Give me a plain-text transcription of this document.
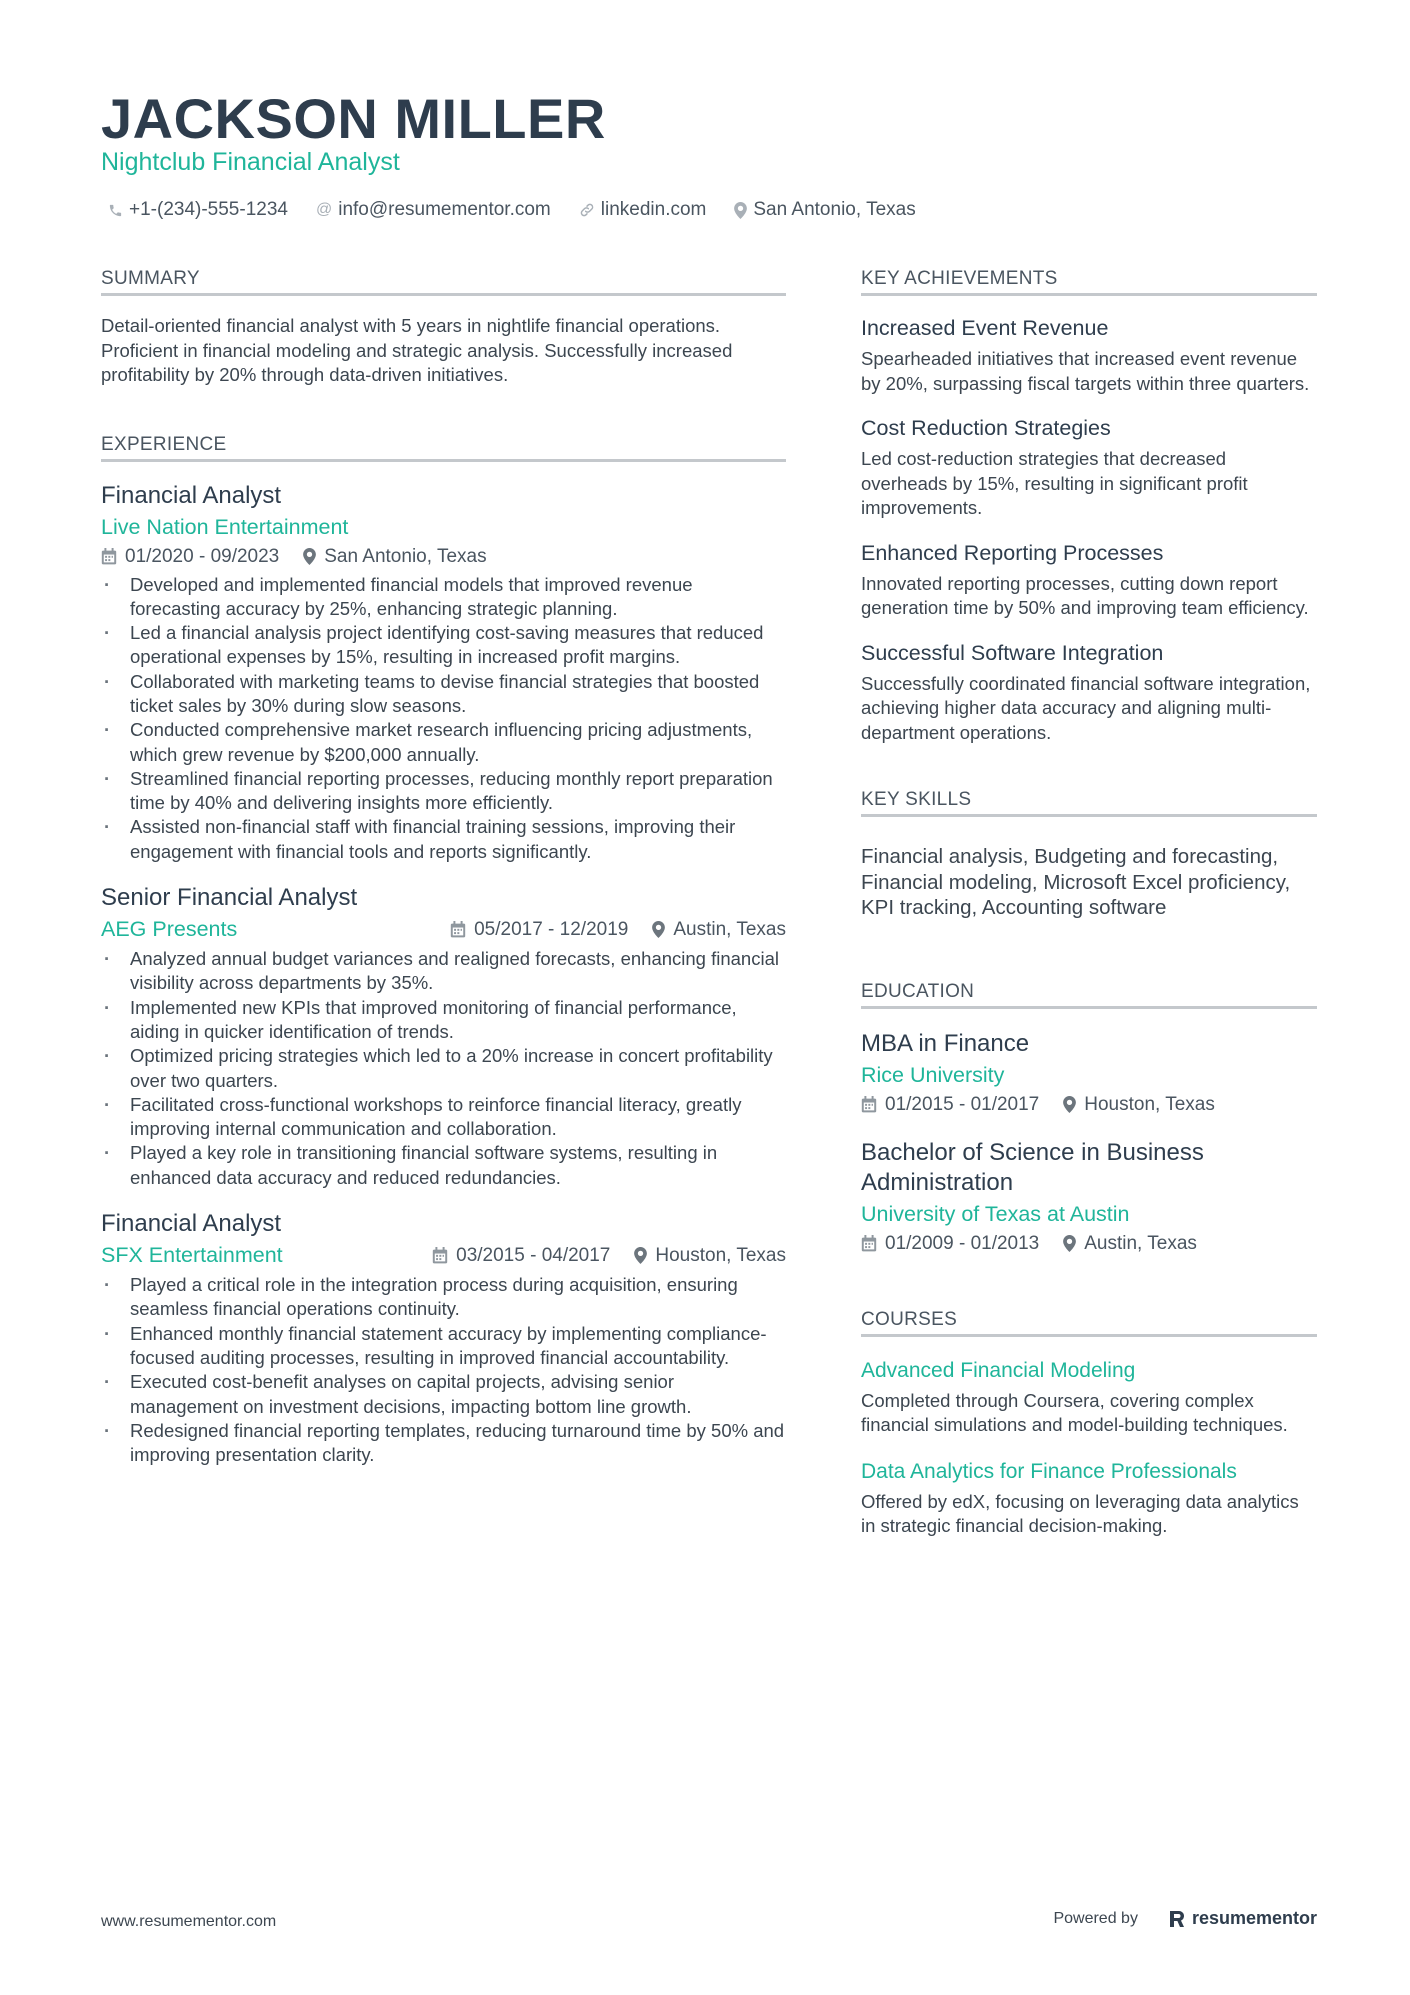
JACKSON MILLER
Nightclub Financial Analyst
+1-(234)-555-1234 @ info@resumementor.com	linkedin.com San Antonio, Texas
SUMMARY
Detail-oriented financial analyst with 5 years in nightlife financial operations. Proficient in financial modeling and strategic analysis. Successfully increased profitability by 20% through data-driven initiatives.
EXPERIENCE
Financial Analyst
Live Nation Entertainment
01/2020 - 09/2023 San Antonio, Texas
· Developed and implemented financial models that improved revenue forecasting accuracy by 25%, enhancing strategic planning.
· Led a financial analysis project identifying cost-saving measures that reduced operational expenses by 15%, resulting in increased profit margins.
· Collaborated with marketing teams to devise financial strategies that boosted ticket sales by 30% during slow seasons.
· Conducted comprehensive market research influencing pricing adjustments, which grew revenue by $200,000 annually.
· Streamlined financial reporting processes, reducing monthly report preparation time by 40% and delivering insights more efficiently.
· Assisted non-financial staff with financial training sessions, improving their engagement with financial tools and reports significantly.
Senior Financial Analyst
AEG Presents	05/2017 - 12/2019 Austin, Texas
· Analyzed annual budget variances and realigned forecasts, enhancing financial visibility across departments by 35%.
· Implemented new KPIs that improved monitoring of financial performance, aiding in quicker identification of trends.
· Optimized pricing strategies which led to a 20% increase in concert profitability over two quarters.
· Facilitated cross-functional workshops to reinforce financial literacy, greatly improving internal communication and collaboration.
· Played a key role in transitioning financial software systems, resulting in enhanced data accuracy and reduced redundancies.
Financial Analyst
SFX Entertainment	03/2015 - 04/2017 Houston, Texas
· Played a critical role in the integration process during acquisition, ensuring seamless financial operations continuity.
· Enhanced monthly financial statement accuracy by implementing compliance-focused auditing processes, resulting in improved financial accountability.
· Executed cost-benefit analyses on capital projects, advising senior management on investment decisions, impacting bottom line growth.
· Redesigned financial reporting templates, reducing turnaround time by 50% and improving presentation clarity.
KEY ACHIEVEMENTS
Increased Event Revenue
Spearheaded initiatives that increased event revenue by 20%, surpassing fiscal targets within three quarters.
Cost Reduction Strategies
Led cost-reduction strategies that decreased overheads by 15%, resulting in significant profit improvements.
Enhanced Reporting Processes
Innovated reporting processes, cutting down report generation time by 50% and improving team efficiency.
Successful Software Integration
Successfully coordinated financial software integration, achieving higher data accuracy and aligning multi-department operations.
KEY SKILLS
Financial analysis, Budgeting and forecasting, Financial modeling, Microsoft Excel proficiency, KPI tracking, Accounting software
EDUCATION
MBA in Finance
Rice University
01/2015 - 01/2017 Houston, Texas
Bachelor of Science in Business Administration
University of Texas at Austin
01/2009 - 01/2013 Austin, Texas
COURSES
Advanced Financial Modeling
Completed through Coursera, covering complex financial simulations and model-building techniques.
Data Analytics for Finance Professionals
Offered by edX, focusing on leveraging data analytics in strategic financial decision-making.
www.resumementor.com	Powered by	resumementor
